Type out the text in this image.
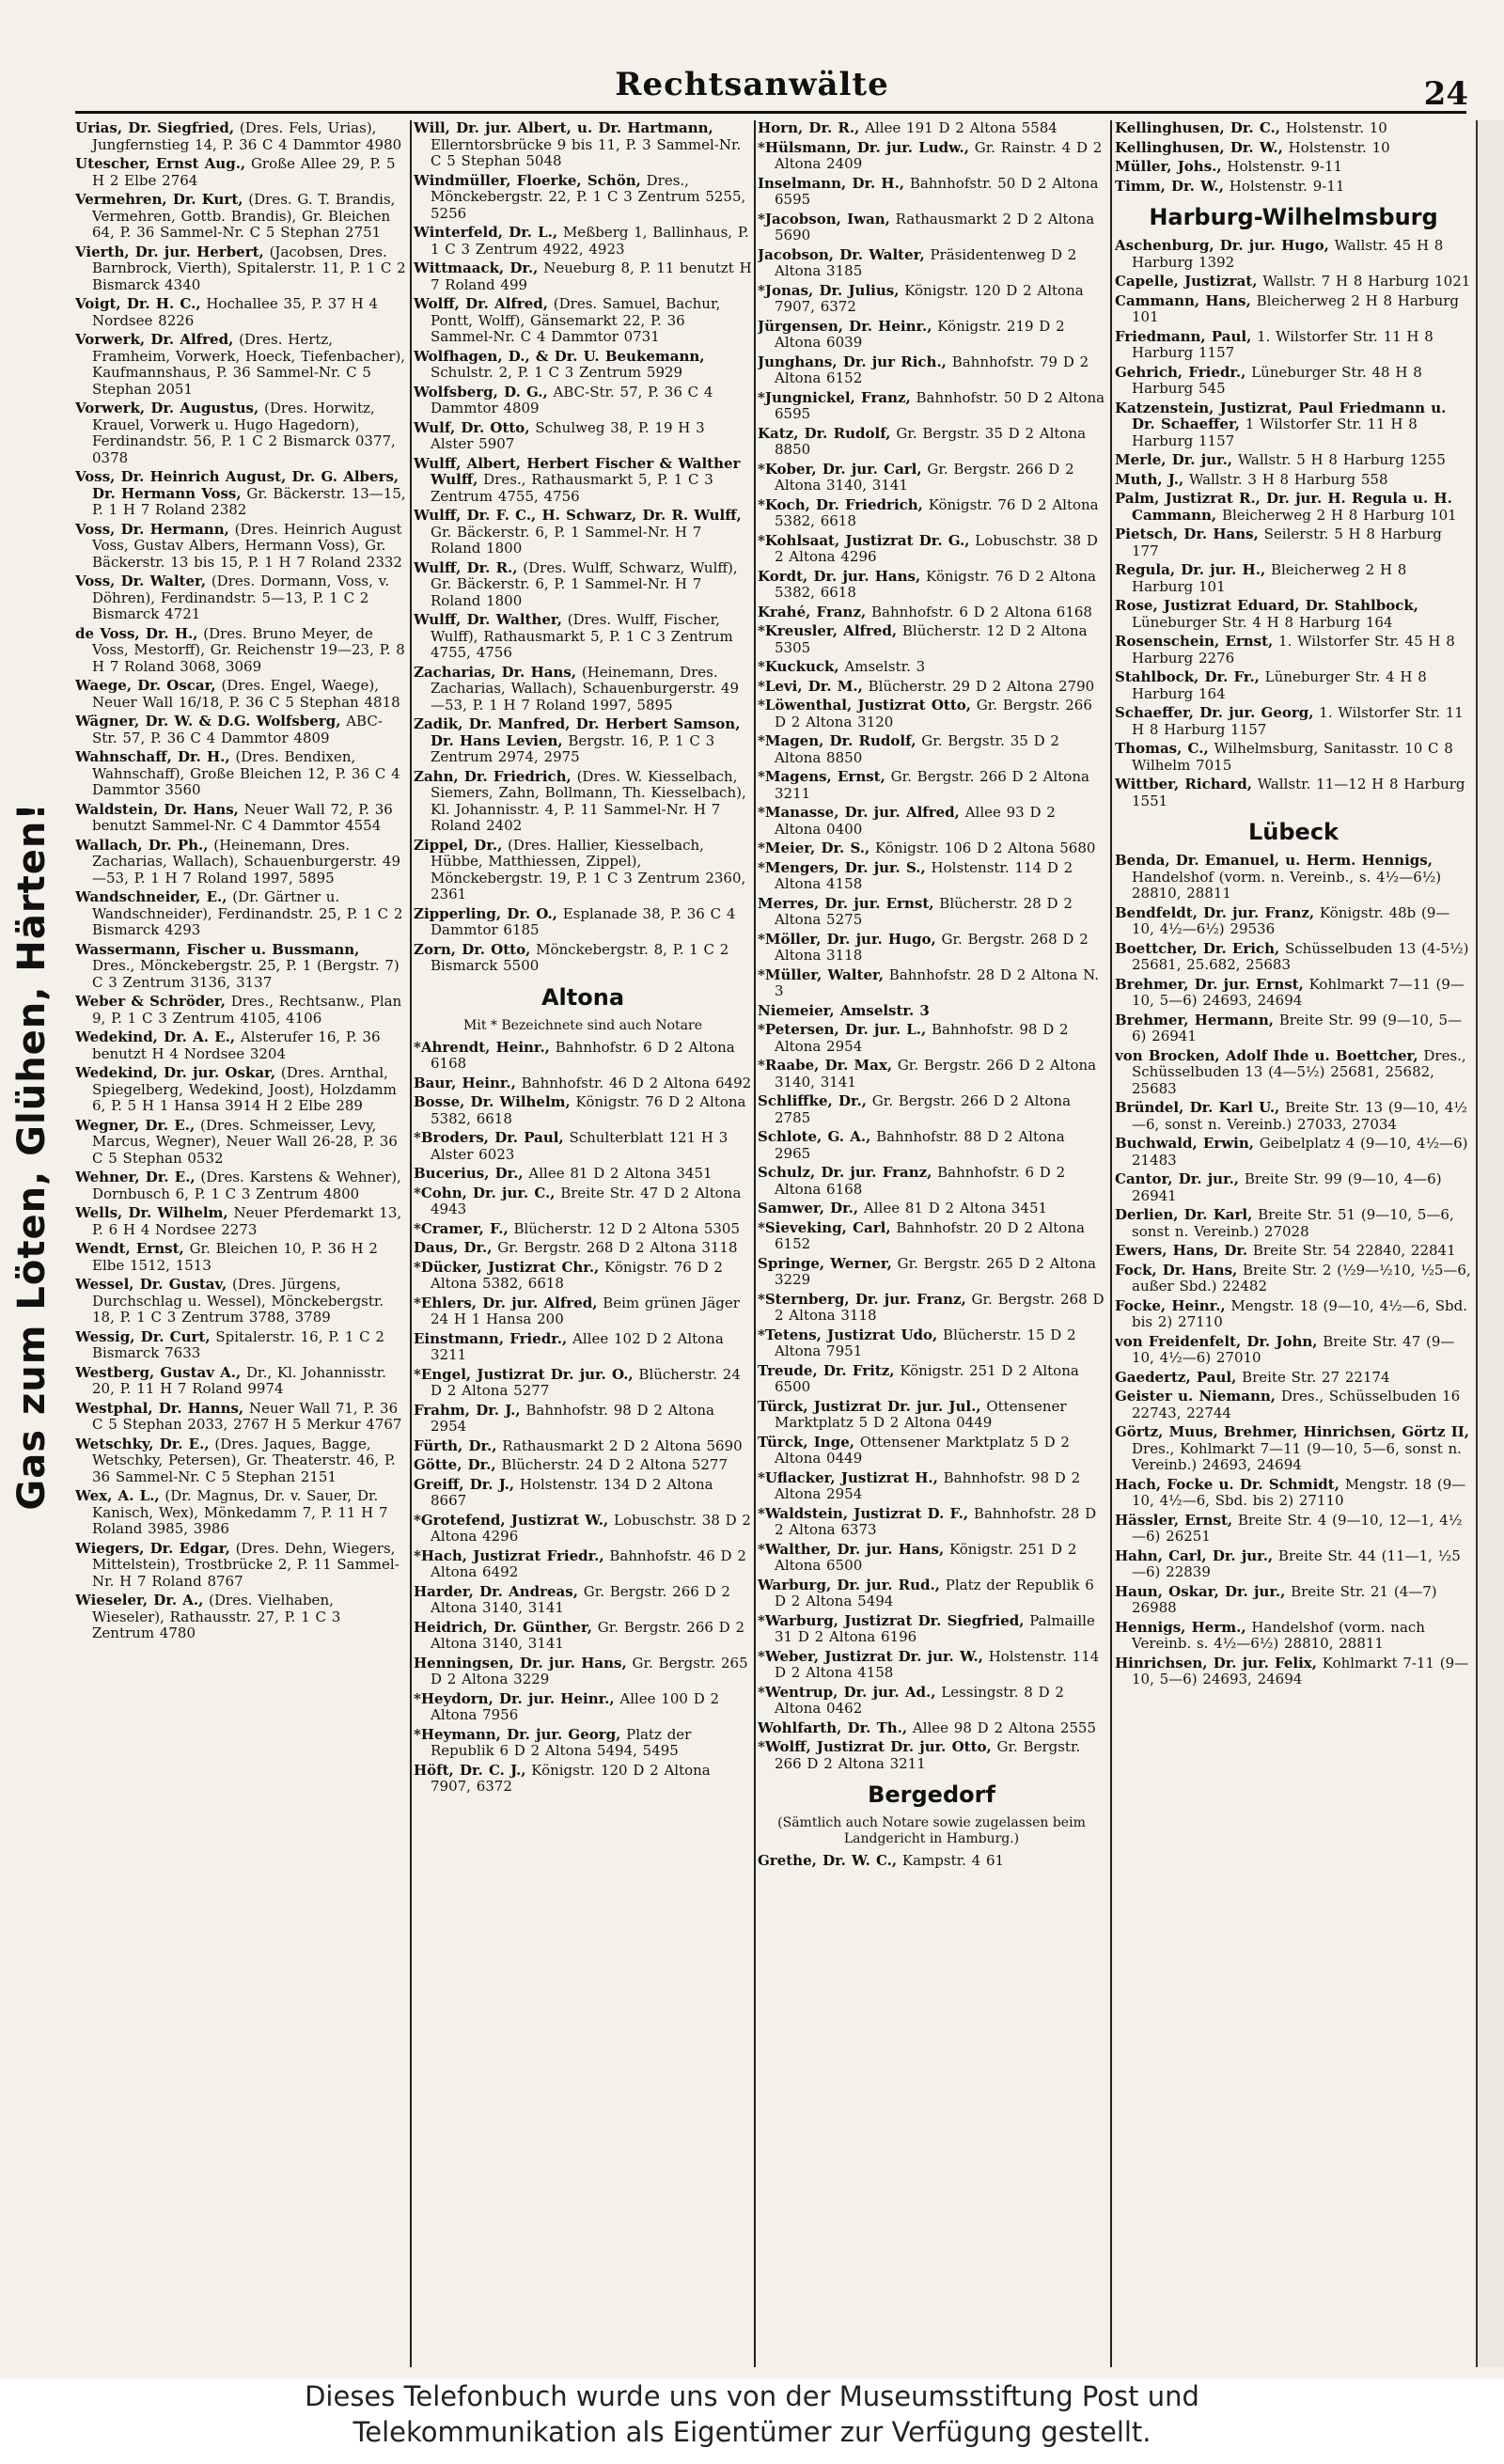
Rechtsanwälte	24
Gas zum Löten, Glühen, Härten!
Urias, Dr. Siegfried, (Dres. Fels, Urias), Jungfernstieg 14, P. 36 C 4 Dammtor 4980
Utescher, Ernst Aug., Große Allee 29, P. 5 H 2 Elbe 2764
Vermehren, Dr. Kurt, (Dres. G. T. Brandis, Vermehren, Gottb. Brandis), Gr. Bleichen 64, P. 36 Sammel-Nr. C 5 Stephan 2751
Vierth, Dr. jur. Herbert, (Jacobsen, Dres. Barnbrock, Vierth), Spitalerstr. 11, P. 1 C 2 Bismarck 4340
Voigt, Dr. H. C., Hochallee 35, P. 37 H 4 Nordsee 8226
Vorwerk, Dr. Alfred, (Dres. Hertz, Framheim, Vorwerk, Hoeck, Tiefenbacher), Kaufmannshaus, P. 36 Sammel-Nr. C 5 Stephan 2051
Vorwerk, Dr. Augustus, (Dres. Horwitz, Krauel, Vorwerk u. Hugo Hagedorn), Ferdinandstr. 56, P. 1 C 2 Bismarck 0377, 0378
Voss, Dr. Heinrich August, Dr. G. Albers, Dr. Hermann Voss, Gr. Bäckerstr. 13—15, P. 1 H 7 Roland 2382
Voss, Dr. Hermann, (Dres. Heinrich August Voss, Gustav Albers, Hermann Voss), Gr. Bäckerstr. 13 bis 15, P. 1 H 7 Roland 2332
Voss, Dr. Walter, (Dres. Dormann, Voss, v. Döhren), Ferdinandstr. 5—13, P. 1 C 2 Bismarck 4721
de Voss, Dr. H., (Dres. Bruno Meyer, de Voss, Mestorff), Gr. Reichenstr 19—23, P. 8 H 7 Roland 3068, 3069
Waege, Dr. Oscar, (Dres. Engel, Waege), Neuer Wall 16/18, P. 36 C 5 Stephan 4818
Wägner, Dr. W. & D.G. Wolfsberg, ABC-Str. 57, P. 36 C 4 Dammtor 4809
Wahnschaff, Dr. H., (Dres. Bendixen, Wahnschaff), Große Bleichen 12, P. 36 C 4 Dammtor 3560
Waldstein, Dr. Hans, Neuer Wall 72, P. 36 benutzt Sammel-Nr. C 4 Dammtor 4554
Wallach, Dr. Ph., (Heinemann, Dres. Zacharias, Wallach), Schauenburgerstr. 49—53, P. 1 H 7 Roland 1997, 5895
Wandschneider, E., (Dr. Gärtner u. Wandschneider), Ferdinandstr. 25, P. 1 C 2 Bismarck 4293
Wassermann, Fischer u. Bussmann, Dres., Mönckebergstr. 25, P. 1 (Bergstr. 7) C 3 Zentrum 3136, 3137
Weber & Schröder, Dres., Rechtsanw., Plan 9, P. 1 C 3 Zentrum 4105, 4106
Wedekind, Dr. A. E., Alsterufer 16, P. 36 benutzt H 4 Nordsee 3204
Wedekind, Dr. jur. Oskar, (Dres. Arnthal, Spiegelberg, Wedekind, Joost), Holzdamm 6, P. 5 H 1 Hansa 3914 H 2 Elbe 289
Wegner, Dr. E., (Dres. Schmeisser, Levy, Marcus, Wegner), Neuer Wall 26-28, P. 36 C 5 Stephan 0532
Wehner, Dr. E., (Dres. Karstens & Wehner), Dornbusch 6, P. 1 C 3 Zentrum 4800
Wells, Dr. Wilhelm, Neuer Pferdemarkt 13, P. 6 H 4 Nordsee 2273
Wendt, Ernst, Gr. Bleichen 10, P. 36 H 2 Elbe 1512, 1513
Wessel, Dr. Gustav, (Dres. Jürgens, Durchschlag u. Wessel), Mönckebergstr. 18, P. 1 C 3 Zentrum 3788, 3789
Wessig, Dr. Curt, Spitalerstr. 16, P. 1 C 2 Bismarck 7633
Westberg, Gustav A., Dr., Kl. Johannisstr. 20, P. 11 H 7 Roland 9974
Westphal, Dr. Hanns, Neuer Wall 71, P. 36 C 5 Stephan 2033, 2767 H 5 Merkur 4767
Wetschky, Dr. E., (Dres. Jaques, Bagge, Wetschky, Petersen), Gr. Theaterstr. 46, P. 36 Sammel-Nr. C 5 Stephan 2151
Wex, A. L., (Dr. Magnus, Dr. v. Sauer, Dr. Kanisch, Wex), Mönkedamm 7, P. 11 H 7 Roland 3985, 3986
Wiegers, Dr. Edgar, (Dres. Dehn, Wiegers, Mittelstein), Trostbrücke 2, P. 11 Sammel-Nr. H 7 Roland 8767
Wieseler, Dr. A., (Dres. Vielhaben, Wieseler), Rathausstr. 27, P. 1 C 3 Zentrum 4780
Will, Dr. jur. Albert, u. Dr. Hartmann, Ellerntorsbrücke 9 bis 11, P. 3 Sammel-Nr. C 5 Stephan 5048
Windmüller, Floerke, Schön, Dres., Mönckebergstr. 22, P. 1 C 3 Zentrum 5255, 5256
Winterfeld, Dr. L., Meßberg 1, Ballinhaus, P. 1 C 3 Zentrum 4922, 4923
Wittmaack, Dr., Neueburg 8, P. 11 benutzt H 7 Roland 499
Wolff, Dr. Alfred, (Dres. Samuel, Bachur, Pontt, Wolff), Gänsemarkt 22, P. 36 Sammel-Nr. C 4 Dammtor 0731
Wolfhagen, D., & Dr. U. Beukemann, Schulstr. 2, P. 1 C 3 Zentrum 5929
Wolfsberg, D. G., ABC-Str. 57, P. 36 C 4 Dammtor 4809
Wulf, Dr. Otto, Schulweg 38, P. 19 H 3 Alster 5907
Wulff, Albert, Herbert Fischer & Walther Wulff, Dres., Rathausmarkt 5, P. 1 C 3 Zentrum 4755, 4756
Wulff, Dr. F. C., H. Schwarz, Dr. R. Wulff, Gr. Bäckerstr. 6, P. 1 Sammel-Nr. H 7 Roland 1800
Wulff, Dr. R., (Dres. Wulff, Schwarz, Wulff), Gr. Bäckerstr. 6, P. 1 Sammel-Nr. H 7 Roland 1800
Wulff, Dr. Walther, (Dres. Wulff, Fischer, Wulff), Rathausmarkt 5, P. 1 C 3 Zentrum 4755, 4756
Zacharias, Dr. Hans, (Heinemann, Dres. Zacharias, Wallach), Schauenburgerstr. 49—53, P. 1 H 7 Roland 1997, 5895
Zadik, Dr. Manfred, Dr. Herbert Samson, Dr. Hans Levien, Bergstr. 16, P. 1 C 3 Zentrum 2974, 2975
Zahn, Dr. Friedrich, (Dres. W. Kiesselbach, Siemers, Zahn, Bollmann, Th. Kiesselbach), Kl. Johannisstr. 4, P. 11 Sammel-Nr. H 7 Roland 2402
Zippel, Dr., (Dres. Hallier, Kiesselbach, Hübbe, Matthiessen, Zippel), Mönckebergstr. 19, P. 1 C 3 Zentrum 2360, 2361
Zipperling, Dr. O., Esplanade 38, P. 36 C 4 Dammtor 6185
Zorn, Dr. Otto, Mönckebergstr. 8, P. 1 C 2 Bismarck 5500
Altona
Mit * Bezeichnete sind auch Notare
*Ahrendt, Heinr., Bahnhofstr. 6 D 2 Altona 6168
Baur, Heinr., Bahnhofstr. 46 D 2 Altona 6492
Bosse, Dr. Wilhelm, Königstr. 76 D 2 Altona 5382, 6618
*Broders, Dr. Paul, Schulterblatt 121 H 3 Alster 6023
Bucerius, Dr., Allee 81 D 2 Altona 3451
*Cohn, Dr. jur. C., Breite Str. 47 D 2 Altona 4943
*Cramer, F., Blücherstr. 12 D 2 Altona 5305
Daus, Dr., Gr. Bergstr. 268 D 2 Altona 3118
*Dücker, Justizrat Chr., Königstr. 76 D 2 Altona 5382, 6618
*Ehlers, Dr. jur. Alfred, Beim grünen Jäger 24 H 1 Hansa 200
Einstmann, Friedr., Allee 102 D 2 Altona 3211
*Engel, Justizrat Dr. jur. O., Blücherstr. 24 D 2 Altona 5277
Frahm, Dr. J., Bahnhofstr. 98 D 2 Altona 2954
Fürth, Dr., Rathausmarkt 2 D 2 Altona 5690
Götte, Dr., Blücherstr. 24 D 2 Altona 5277
Greiff, Dr. J., Holstenstr. 134 D 2 Altona 8667
*Grotefend, Justizrat W., Lobuschstr. 38 D 2 Altona 4296
*Hach, Justizrat Friedr., Bahnhofstr. 46 D 2 Altona 6492
Harder, Dr. Andreas, Gr. Bergstr. 266 D 2 Altona 3140, 3141
Heidrich, Dr. Günther, Gr. Bergstr. 266 D 2 Altona 3140, 3141
Henningsen, Dr. jur. Hans, Gr. Bergstr. 265 D 2 Altona 3229
*Heydorn, Dr. jur. Heinr., Allee 100 D 2 Altona 7956
*Heymann, Dr. jur. Georg, Platz der Republik 6 D 2 Altona 5494, 5495
Höft, Dr. C. J., Königstr. 120 D 2 Altona 7907, 6372
Horn, Dr. R., Allee 191 D 2 Altona 5584
*Hülsmann, Dr. jur. Ludw., Gr. Rainstr. 4 D 2 Altona 2409
Inselmann, Dr. H., Bahnhofstr. 50 D 2 Altona 6595
*Jacobson, Iwan, Rathausmarkt 2 D 2 Altona 5690
Jacobson, Dr. Walter, Präsidentenweg D 2 Altona 3185
*Jonas, Dr. Julius, Königstr. 120 D 2 Altona 7907, 6372
Jürgensen, Dr. Heinr., Königstr. 219 D 2 Altona 6039
Junghans, Dr. jur Rich., Bahnhofstr. 79 D 2 Altona 6152
*Jungnickel, Franz, Bahnhofstr. 50 D 2 Altona 6595
Katz, Dr. Rudolf, Gr. Bergstr. 35 D 2 Altona 8850
*Kober, Dr. jur. Carl, Gr. Bergstr. 266 D 2 Altona 3140, 3141
*Koch, Dr. Friedrich, Königstr. 76 D 2 Altona 5382, 6618
*Kohlsaat, Justizrat Dr. G., Lobuschstr. 38 D 2 Altona 4296
Kordt, Dr. jur. Hans, Königstr. 76 D 2 Altona 5382, 6618
Krahé, Franz, Bahnhofstr. 6 D 2 Altona 6168
*Kreusler, Alfred, Blücherstr. 12 D 2 Altona 5305
*Kuckuck, Amselstr. 3
*Levi, Dr. M., Blücherstr. 29 D 2 Altona 2790
*Löwenthal, Justizrat Otto, Gr. Bergstr. 266 D 2 Altona 3120
*Magen, Dr. Rudolf, Gr. Bergstr. 35 D 2 Altona 8850
*Magens, Ernst, Gr. Bergstr. 266 D 2 Altona 3211
*Manasse, Dr. jur. Alfred, Allee 93 D 2 Altona 0400
*Meier, Dr. S., Königstr. 106 D 2 Altona 5680
*Mengers, Dr. jur. S., Holstenstr. 114 D 2 Altona 4158
Merres, Dr. jur. Ernst, Blücherstr. 28 D 2 Altona 5275
*Möller, Dr. jur. Hugo, Gr. Bergstr. 268 D 2 Altona 3118
*Müller, Walter, Bahnhofstr. 28 D 2 Altona N. 3
Niemeier, Amselstr. 3
*Petersen, Dr. jur. L., Bahnhofstr. 98 D 2 Altona 2954
*Raabe, Dr. Max, Gr. Bergstr. 266 D 2 Altona 3140, 3141
Schliffke, Dr., Gr. Bergstr. 266 D 2 Altona 2785
Schlote, G. A., Bahnhofstr. 88 D 2 Altona 2965
Schulz, Dr. jur. Franz, Bahnhofstr. 6 D 2 Altona 6168
Samwer, Dr., Allee 81 D 2 Altona 3451
*Sieveking, Carl, Bahnhofstr. 20 D 2 Altona 6152
Springe, Werner, Gr. Bergstr. 265 D 2 Altona 3229
*Sternberg, Dr. jur. Franz, Gr. Bergstr. 268 D 2 Altona 3118
*Tetens, Justizrat Udo, Blücherstr. 15 D 2 Altona 7951
Treude, Dr. Fritz, Königstr. 251 D 2 Altona 6500
Türck, Justizrat Dr. jur. Jul., Ottensener Marktplatz 5 D 2 Altona 0449
Türck, Inge, Ottensener Marktplatz 5 D 2 Altona 0449
*Uflacker, Justizrat H., Bahnhofstr. 98 D 2 Altona 2954
*Waldstein, Justizrat D. F., Bahnhofstr. 28 D 2 Altona 6373
*Walther, Dr. jur. Hans, Königstr. 251 D 2 Altona 6500
Warburg, Dr. jur. Rud., Platz der Republik 6 D 2 Altona 5494
*Warburg, Justizrat Dr. Siegfried, Palmaille 31 D 2 Altona 6196
*Weber, Justizrat Dr. jur. W., Holstenstr. 114 D 2 Altona 4158
*Wentrup, Dr. jur. Ad., Lessingstr. 8 D 2 Altona 0462
Wohlfarth, Dr. Th., Allee 98 D 2 Altona 2555
*Wolff, Justizrat Dr. jur. Otto, Gr. Bergstr. 266 D 2 Altona 3211
Bergedorf
(Sämtlich auch Notare sowie zugelassen beim Landgericht in Hamburg.)
Grethe, Dr. W. C., Kampstr. 4 61
Kellinghusen, Dr. C., Holstenstr. 10
Kellinghusen, Dr. W., Holstenstr. 10
Müller, Johs., Holstenstr. 9-11
Timm, Dr. W., Holstenstr. 9-11
Harburg-Wilhelmsburg
Aschenburg, Dr. jur. Hugo, Wallstr. 45 H 8 Harburg 1392
Capelle, Justizrat, Wallstr. 7 H 8 Harburg 1021
Cammann, Hans, Bleicherweg 2 H 8 Harburg 101
Friedmann, Paul, 1. Wilstorfer Str. 11 H 8 Harburg 1157
Gehrich, Friedr., Lüneburger Str. 48 H 8 Harburg 545
Katzenstein, Justizrat, Paul Friedmann u. Dr. Schaeffer, 1 Wilstorfer Str. 11 H 8 Harburg 1157
Merle, Dr. jur., Wallstr. 5 H 8 Harburg 1255
Muth, J., Wallstr. 3 H 8 Harburg 558
Palm, Justizrat R., Dr. jur. H. Regula u. H. Cammann, Bleicherweg 2 H 8 Harburg 101
Pietsch, Dr. Hans, Seilerstr. 5 H 8 Harburg 177
Regula, Dr. jur. H., Bleicherweg 2 H 8 Harburg 101
Rose, Justizrat Eduard, Dr. Stahlbock, Lüneburger Str. 4 H 8 Harburg 164
Rosenschein, Ernst, 1. Wilstorfer Str. 45 H 8 Harburg 2276
Stahlbock, Dr. Fr., Lüneburger Str. 4 H 8 Harburg 164
Schaeffer, Dr. jur. Georg, 1. Wilstorfer Str. 11 H 8 Harburg 1157
Thomas, C., Wilhelmsburg, Sanitasstr. 10 C 8 Wilhelm 7015
Wittber, Richard, Wallstr. 11—12 H 8 Harburg 1551
Lübeck
Benda, Dr. Emanuel, u. Herm. Hennigs, Handelshof (vorm. n. Vereinb., s. 4½—6½) 28810, 28811
Bendfeldt, Dr. jur. Franz, Königstr. 48b (9—10, 4½—6½) 29536
Boettcher, Dr. Erich, Schüsselbuden 13 (4-5½) 25681, 25.682, 25683
Brehmer, Dr. jur. Ernst, Kohlmarkt 7—11 (9—10, 5—6) 24693, 24694
Brehmer, Hermann, Breite Str. 99 (9—10, 5—6) 26941
von Brocken, Adolf Ihde u. Boettcher, Dres., Schüsselbuden 13 (4—5½) 25681, 25682, 25683
Bründel, Dr. Karl U., Breite Str. 13 (9—10, 4½—6, sonst n. Vereinb.) 27033, 27034
Buchwald, Erwin, Geibelplatz 4 (9—10, 4½—6) 21483
Cantor, Dr. jur., Breite Str. 99 (9—10, 4—6) 26941
Derlien, Dr. Karl, Breite Str. 51 (9—10, 5—6, sonst n. Vereinb.) 27028
Ewers, Hans, Dr. Breite Str. 54 22840, 22841
Fock, Dr. Hans, Breite Str. 2 (½9—½10, ½5—6, außer Sbd.) 22482
Focke, Heinr., Mengstr. 18 (9—10, 4½—6, Sbd. bis 2) 27110
von Freidenfelt, Dr. John, Breite Str. 47 (9—10, 4½—6) 27010
Gaedertz, Paul, Breite Str. 27 22174
Geister u. Niemann, Dres., Schüsselbuden 16 22743, 22744
Görtz, Muus, Brehmer, Hinrichsen, Görtz II, Dres., Kohlmarkt 7—11 (9—10, 5—6, sonst n. Vereinb.) 24693, 24694
Hach, Focke u. Dr. Schmidt, Mengstr. 18 (9—10, 4½—6, Sbd. bis 2) 27110
Hässler, Ernst, Breite Str. 4 (9—10, 12—1, 4½—6) 26251
Hahn, Carl, Dr. jur., Breite Str. 44 (11—1, ½5—6) 22839
Haun, Oskar, Dr. jur., Breite Str. 21 (4—7) 26988
Hennigs, Herm., Handelshof (vorm. nach Vereinb. s. 4½—6½) 28810, 28811
Hinrichsen, Dr. jur. Felix, Kohlmarkt 7-11 (9—10, 5—6) 24693, 24694
Dieses Telefonbuch wurde uns von der Museumsstiftung Post und
Telekommunikation als Eigentümer zur Verfügung gestellt.
